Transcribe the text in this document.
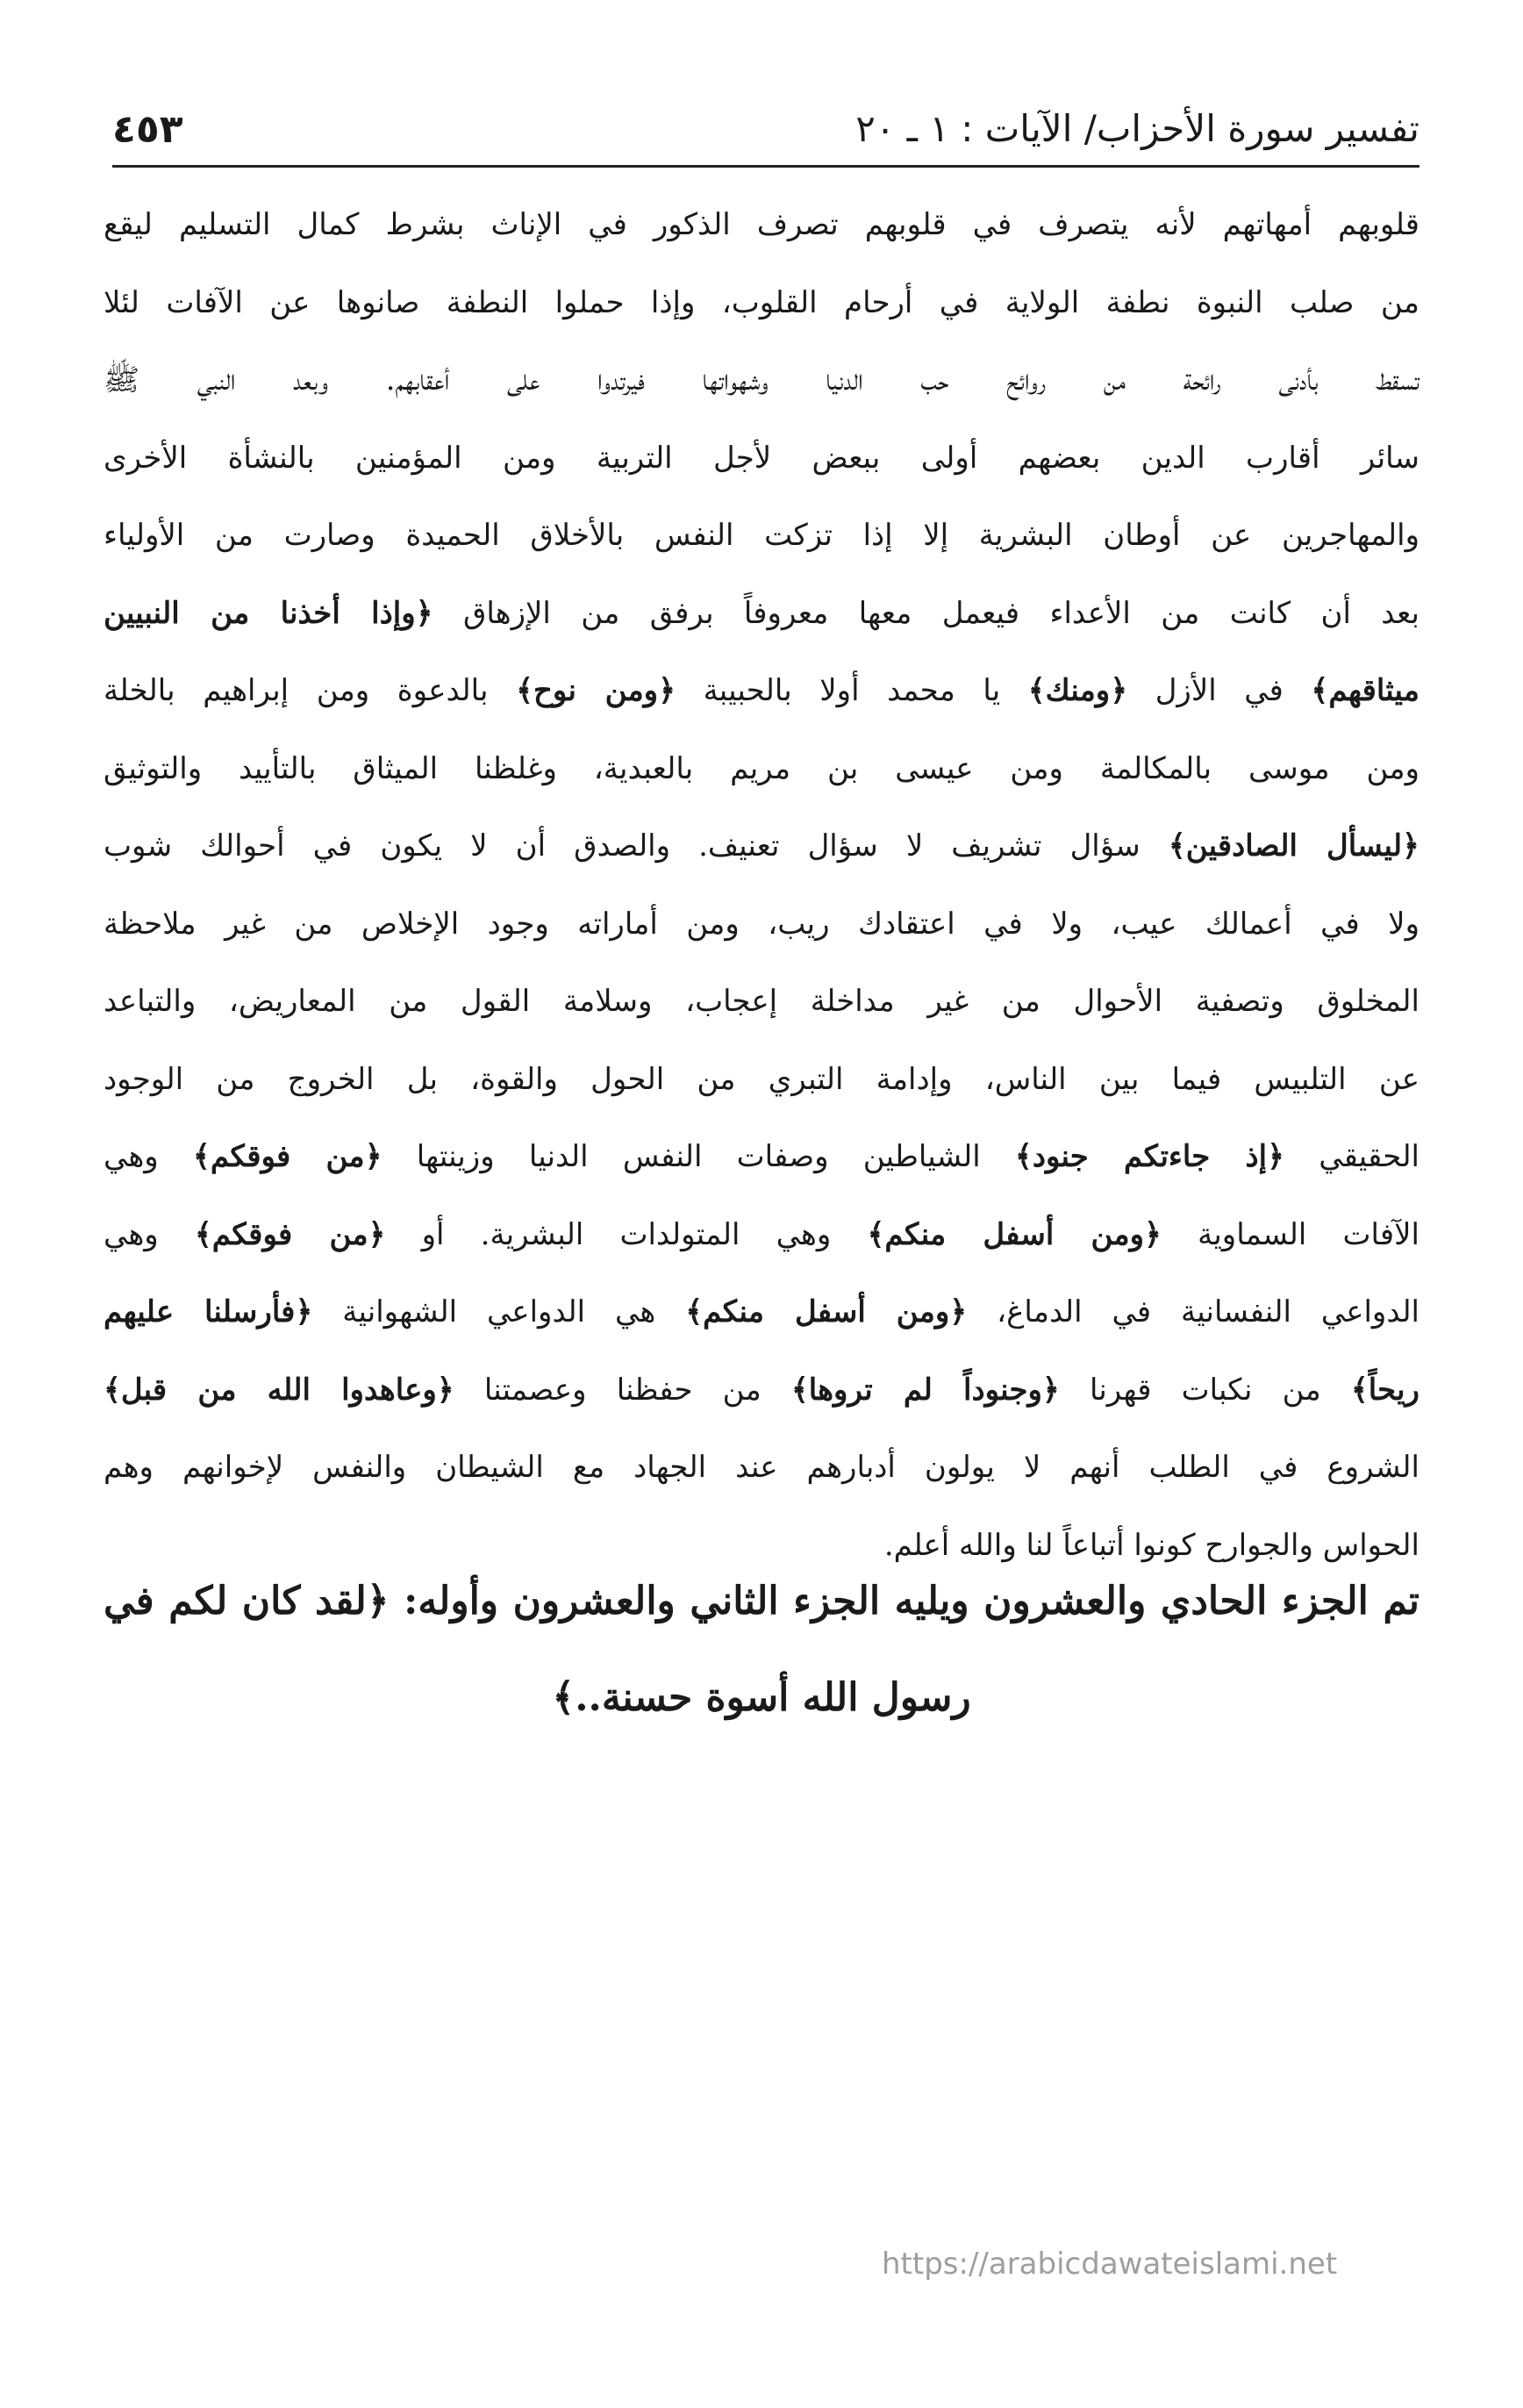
تفسير سورة الأحزاب/ الآيات : ١ ـ ٢٠
٤٥٣
قلوبهم أمهاتهم لأنه يتصرف في قلوبهم تصرف الذكور في الإناث بشرط كمال التسليم ليقع
من صلب النبوة نطفة الولاية في أرحام القلوب، وإذا حملوا النطفة صانوها عن الآفات لئلا
تسقط بأدنى رائحة من روائح حب الدنيا وشهواتها فيرتدوا على أعقابهم. وبعد النبي ﷺ
سائر أقارب الدين بعضهم أولى ببعض لأجل التربية ومن المؤمنين بالنشأة الأخرى
والمهاجرين عن أوطان البشرية إلا إذا تزكت النفس بالأخلاق الحميدة وصارت من الأولياء
بعد أن كانت من الأعداء فيعمل معها معروفاً برفق من الإزهاق ﴿وإذا أخذنا من النبيين
ميثاقهم﴾ في الأزل ﴿ومنك﴾ يا محمد أولا بالحبيبة ﴿ومن نوح﴾ بالدعوة ومن إبراهيم بالخلة
ومن موسى بالمكالمة ومن عيسى بن مريم بالعبدية، وغلظنا الميثاق بالتأييد والتوثيق
﴿ليسأل الصادقين﴾ سؤال تشريف لا سؤال تعنيف. والصدق أن لا يكون في أحوالك شوب
ولا في أعمالك عيب، ولا في اعتقادك ريب، ومن أماراته وجود الإخلاص من غير ملاحظة
المخلوق وتصفية الأحوال من غير مداخلة إعجاب، وسلامة القول من المعاريض، والتباعد
عن التلبيس فيما بين الناس، وإدامة التبري من الحول والقوة، بل الخروج من الوجود
الحقيقي ﴿إذ جاءتكم جنود﴾ الشياطين وصفات النفس الدنيا وزينتها ﴿من فوقكم﴾ وهي
الآفات السماوية ﴿ومن أسفل منكم﴾ وهي المتولدات البشرية. أو ﴿من فوقكم﴾ وهي
الدواعي النفسانية في الدماغ، ﴿ومن أسفل منكم﴾ هي الدواعي الشهوانية ﴿فأرسلنا عليهم
ريحاً﴾ من نكبات قهرنا ﴿وجنوداً لم تروها﴾ من حفظنا وعصمتنا ﴿وعاهدوا الله من قبل﴾
الشروع في الطلب أنهم لا يولون أدبارهم عند الجهاد مع الشيطان والنفس لإخوانهم وهم
الحواس والجوارح كونوا أتباعاً لنا والله أعلم.
تم الجزء الحادي والعشرون ويليه الجزء الثاني والعشرون وأوله: ﴿لقد كان لكم في
رسول الله أسوة حسنة..﴾
https://arabicdawateislami.net
